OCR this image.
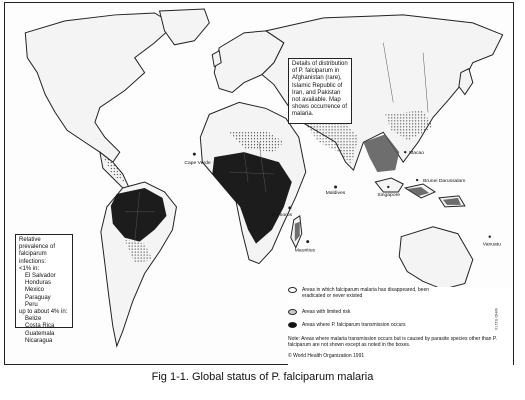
Cape Verde
Comoros
Maldives
Mauritius
Macao
Brunei Darussalam
Vanuatu
Singapore
Details of distribution of P. falciparum in Afghanistan (rare), Islamic Republic of Iran, and Pakistan not available. Map shows occurrence of malaria.
Relative prevalence of falciparum infections:
<1% in:
El Salvador
Honduras
Mexico
Paraguay
Peru
up to about 4% in:
Belize
Costa Rica
Guatemala
Nicaragua
Areas in which falciparum malaria has disappeared, been eradicated or never existed
Areas with limited risk
Areas where P. falciparum transmission occurs
Note: Areas where malaria transmission occurs but is caused by parasite species other than P. falciparum are not shown except as noted in the boxes.
© World Health Organization 1991
WHO 91174
Fig 1-1. Global status of P. falciparum malaria
